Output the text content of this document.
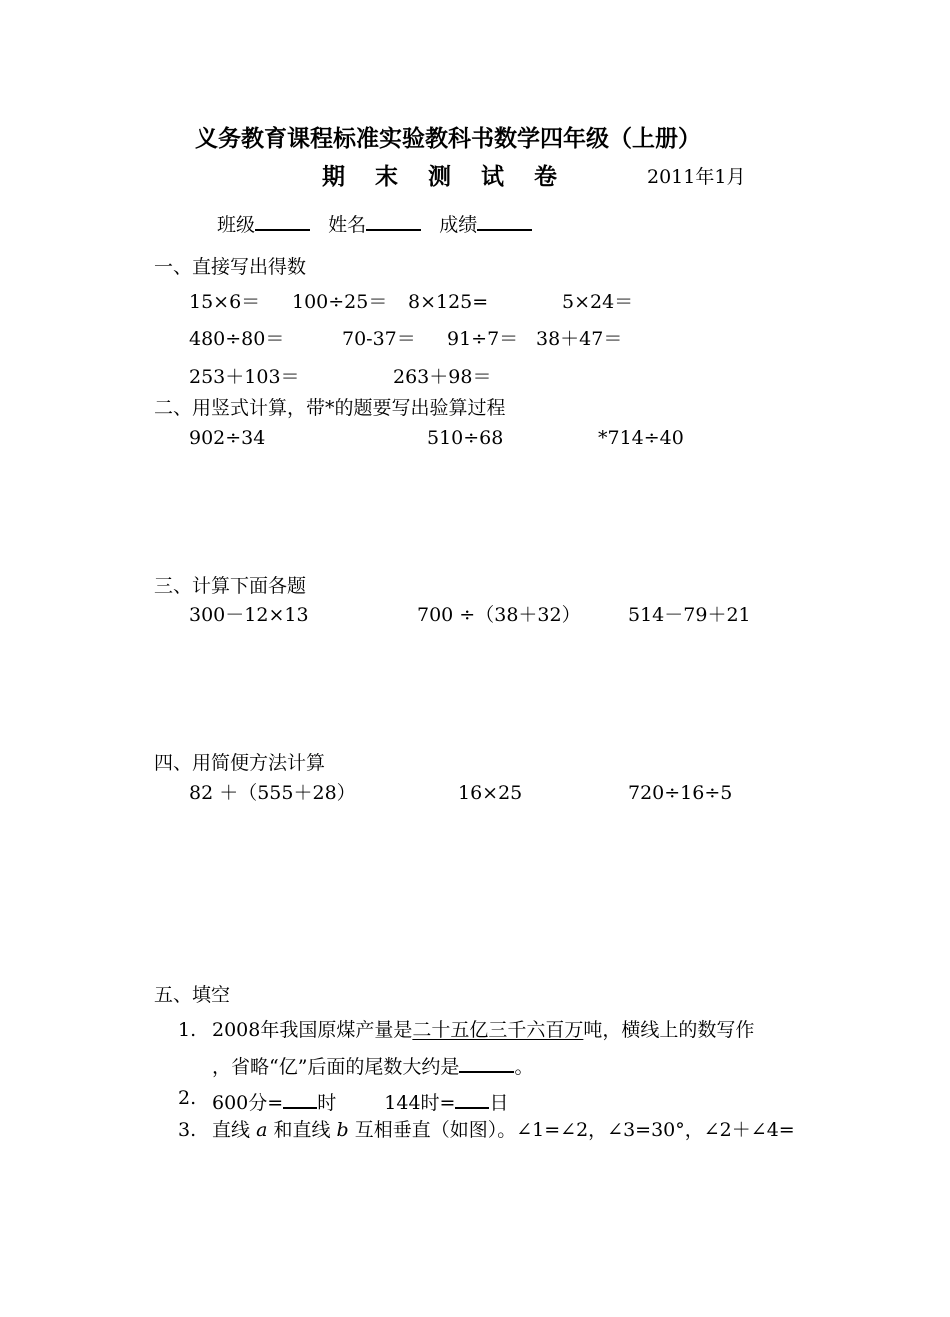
义务教育课程标准实验教科书数学四年级（上册）
期末测试卷	2011年1月
班级	姓名	成绩
一、直接写出得数
15×6＝ 100÷25＝ 8×125=	5×24＝
480÷80＝	70-37＝ 91÷7＝ 38＋47＝
253＋103＝	263＋98＝
二、用竖式计算，带*的题要写出验算过程
902÷34	510÷68	*714÷40
三、计算下面各题
300－12×13	700 ÷（38＋32） 514－79＋21
四、用简便方法计算
82 ＋（555＋28）	16×25	720÷16÷5
五、填空
1. 2008年我国原煤产量是二十五亿三千六百万吨，横线上的数写作
，省略“亿”后面的尾数大约是	。
2. 600分= 时	144时= 日
3. 直线 a 和直线 b 互相垂直（如图）。∠1=∠2，∠3=30°，∠2＋∠4=
